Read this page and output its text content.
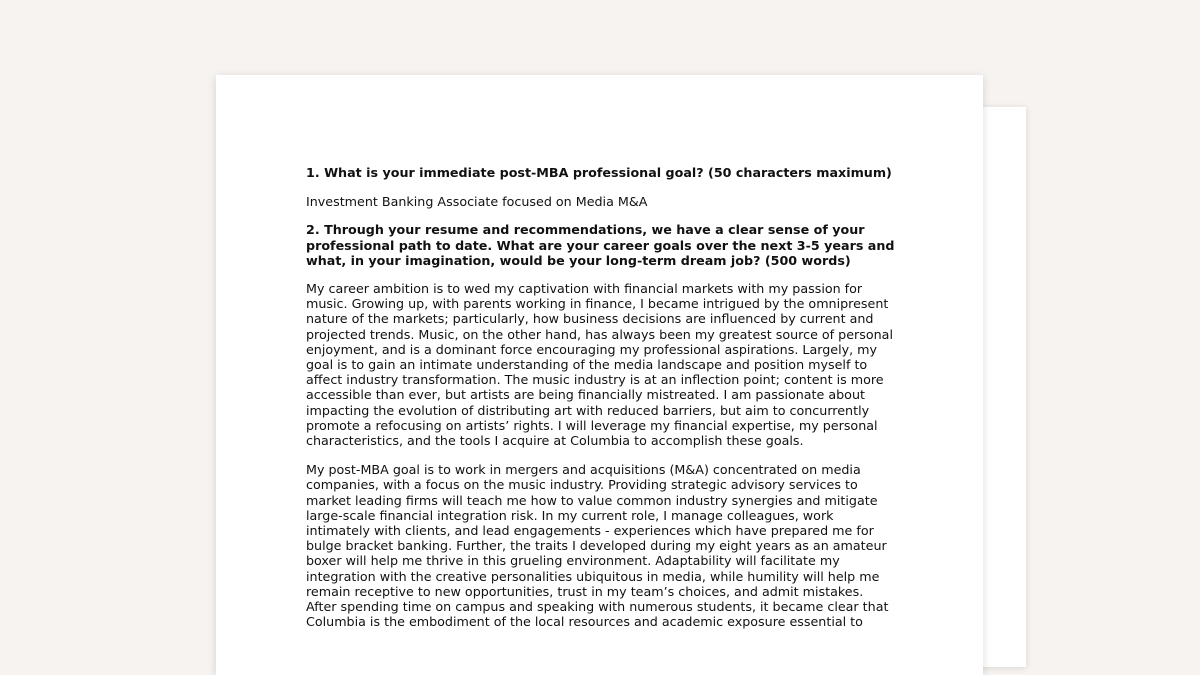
1. What is your immediate post-MBA professional goal? (50 characters maximum)

Investment Banking Associate focused on Media M&A

2. Through your resume and recommendations, we have a clear sense of your professional path to date. What are your career goals over the next 3-5 years and what, in your imagination, would be your long-term dream job? (500 words)

My career ambition is to wed my captivation with financial markets with my passion for music. Growing up, with parents working in finance, I became intrigued by the omnipresent nature of the markets; particularly, how business decisions are influenced by current and projected trends. Music, on the other hand, has always been my greatest source of personal enjoyment, and is a dominant force encouraging my professional aspirations. Largely, my goal is to gain an intimate understanding of the media landscape and position myself to affect industry transformation. The music industry is at an inflection point; content is more accessible than ever, but artists are being financially mistreated. I am passionate about impacting the evolution of distributing art with reduced barriers, but aim to concurrently promote a refocusing on artists’ rights. I will leverage my financial expertise, my personal characteristics, and the tools I acquire at Columbia to accomplish these goals.

My post-MBA goal is to work in mergers and acquisitions (M&A) concentrated on media companies, with a focus on the music industry. Providing strategic advisory services to market leading firms will teach me how to value common industry synergies and mitigate large-scale financial integration risk. In my current role, I manage colleagues, work intimately with clients, and lead engagements - experiences which have prepared me for bulge bracket banking. Further, the traits I developed during my eight years as an amateur boxer will help me thrive in this grueling environment. Adaptability will facilitate my integration with the creative personalities ubiquitous in media, while humility will help me remain receptive to new opportunities, trust in my team’s choices, and admit mistakes. After spending time on campus and speaking with numerous students, it became clear that Columbia is the embodiment of the local resources and academic exposure essential to
